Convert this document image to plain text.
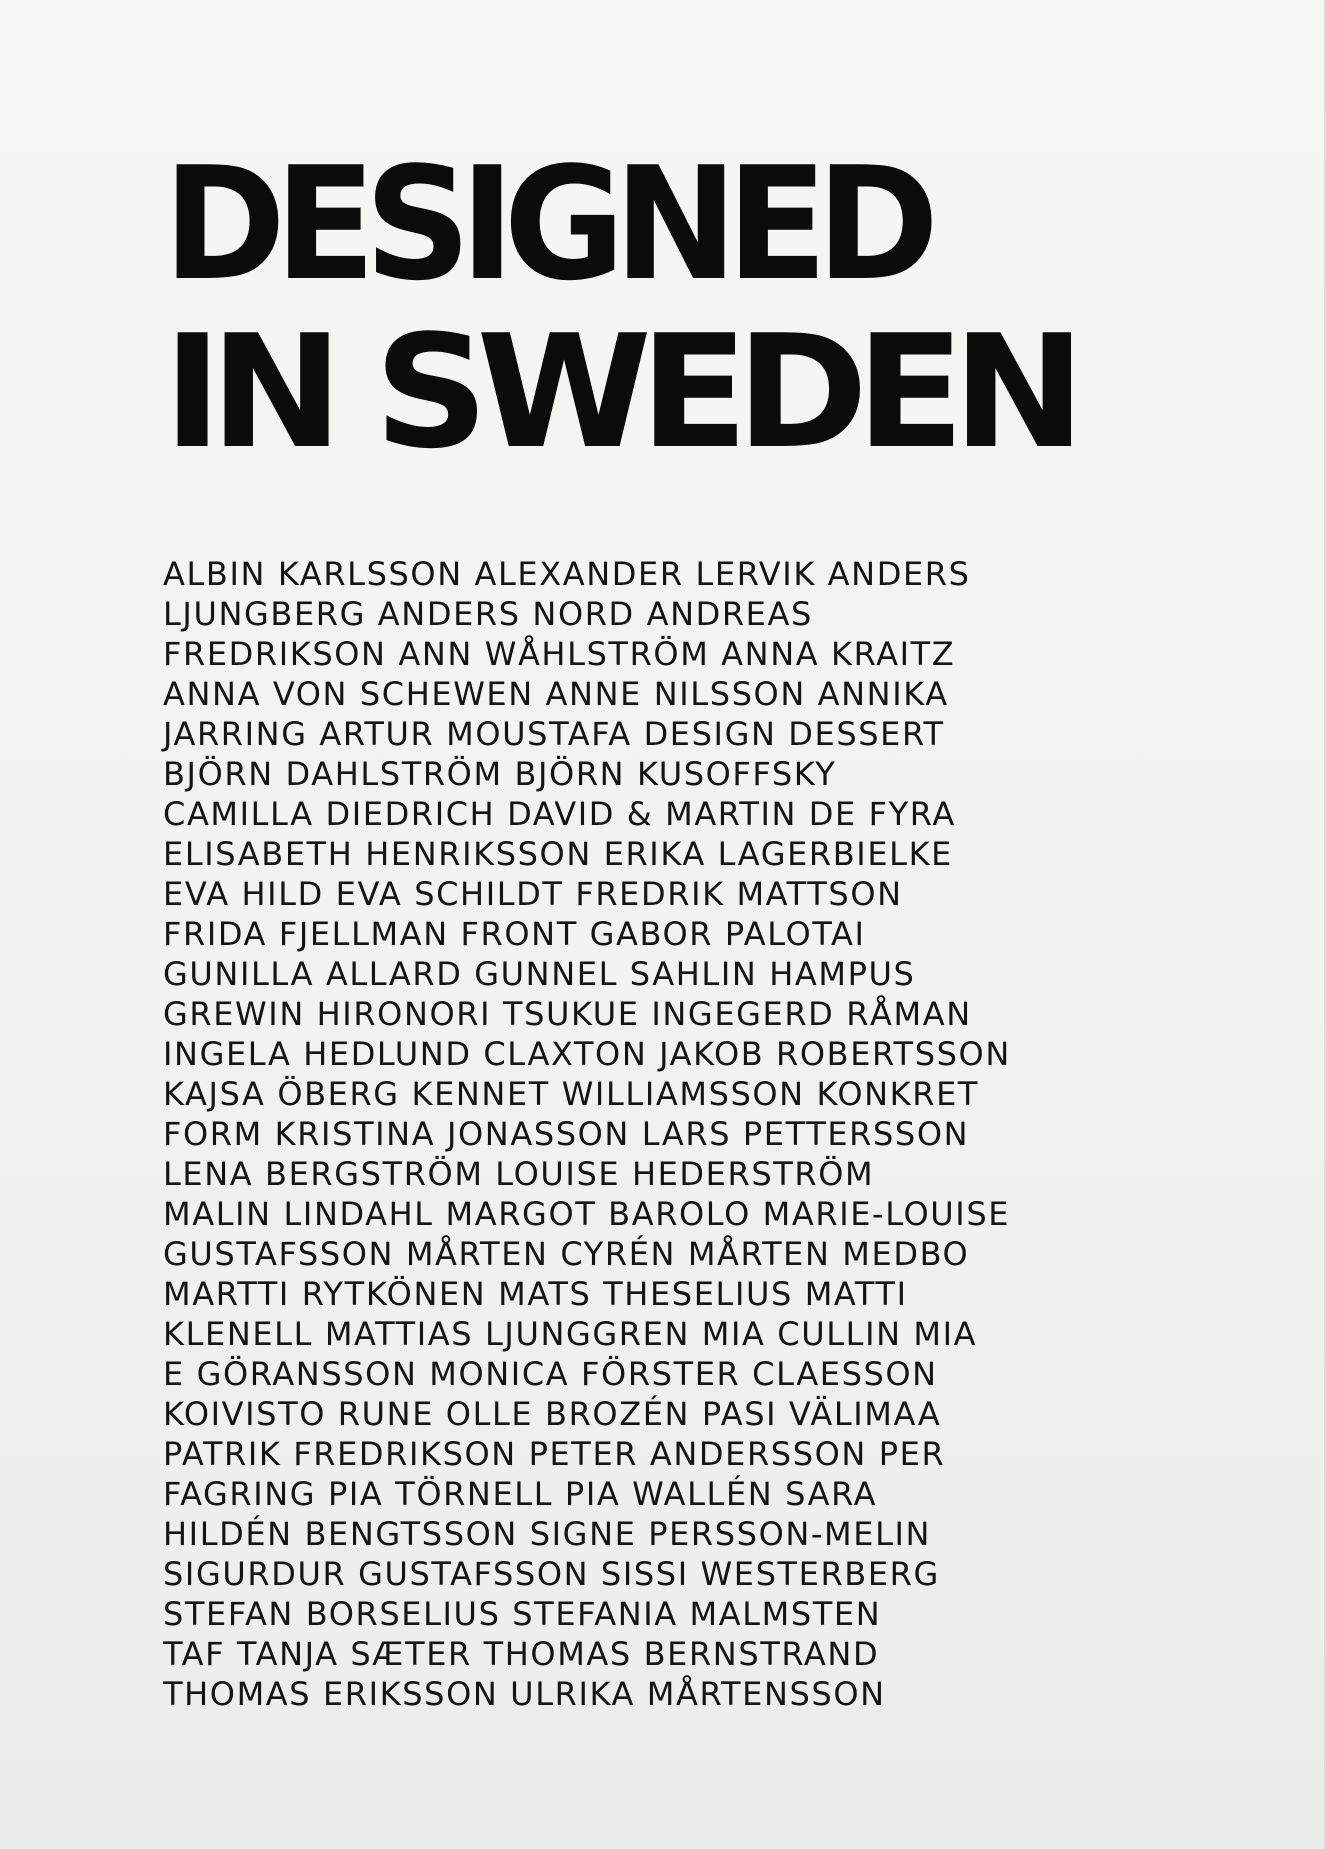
DESIGNED
IN SWEDEN
ALBIN KARLSSON ALEXANDER LERVIK ANDERS
LJUNGBERG ANDERS NORD ANDREAS
FREDRIKSON ANN WÅHLSTRÖM ANNA KRAITZ
ANNA VON SCHEWEN ANNE NILSSON ANNIKA
JARRING ARTUR MOUSTAFA DESIGN DESSERT
BJÖRN DAHLSTRÖM BJÖRN KUSOFFSKY
CAMILLA DIEDRICH DAVID & MARTIN DE FYRA
ELISABETH HENRIKSSON ERIKA LAGERBIELKE
EVA HILD EVA SCHILDT FREDRIK MATTSON
FRIDA FJELLMAN FRONT GABOR PALOTAI
GUNILLA ALLARD GUNNEL SAHLIN HAMPUS
GREWIN HIRONORI TSUKUE INGEGERD RÅMAN
INGELA HEDLUND CLAXTON JAKOB ROBERTSSON
KAJSA ÖBERG KENNET WILLIAMSSON KONKRET
FORM KRISTINA JONASSON LARS PETTERSSON
LENA BERGSTRÖM LOUISE HEDERSTRÖM
MALIN LINDAHL MARGOT BAROLO MARIE-LOUISE
GUSTAFSSON MÅRTEN CYRÉN MÅRTEN MEDBO
MARTTI RYTKÖNEN MATS THESELIUS MATTI
KLENELL MATTIAS LJUNGGREN MIA CULLIN MIA
E GÖRANSSON MONICA FÖRSTER CLAESSON
KOIVISTO RUNE OLLE BROZÉN PASI VÄLIMAA
PATRIK FREDRIKSON PETER ANDERSSON PER
FAGRING PIA TÖRNELL PIA WALLÉN SARA
HILDÉN BENGTSSON SIGNE PERSSON-MELIN
SIGURDUR GUSTAFSSON SISSI WESTERBERG
STEFAN BORSELIUS STEFANIA MALMSTEN
TAF TANJA SÆTER THOMAS BERNSTRAND
THOMAS ERIKSSON ULRIKA MÅRTENSSON
